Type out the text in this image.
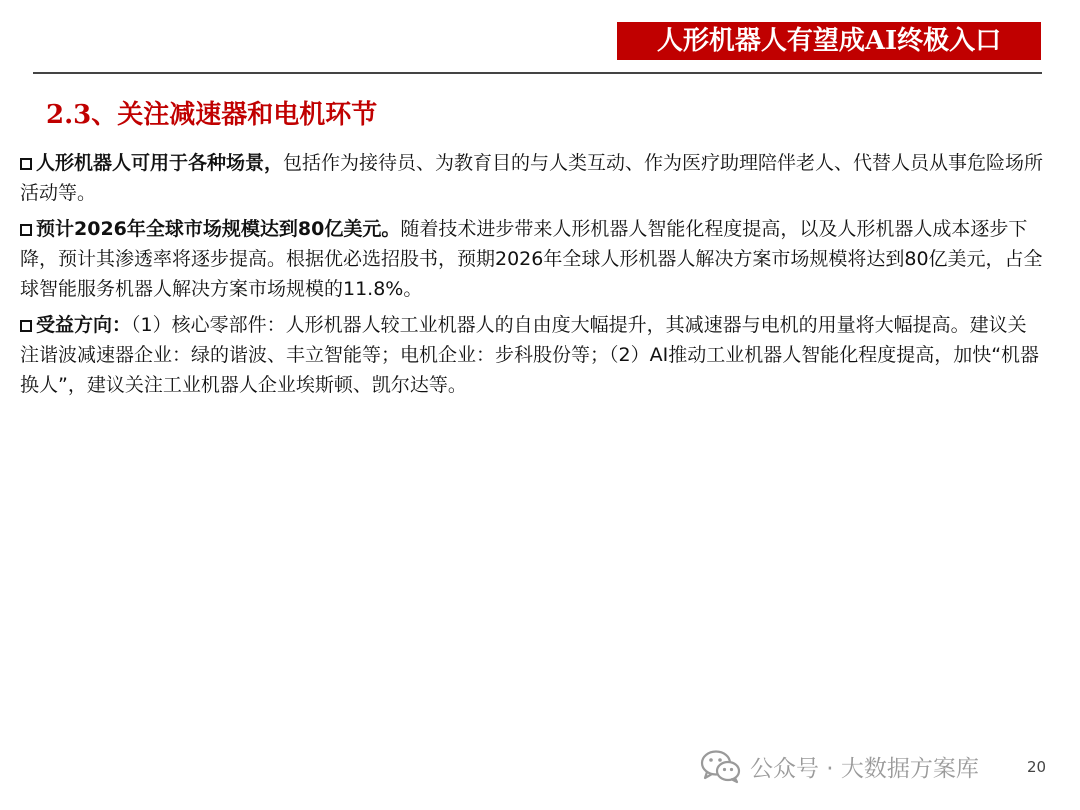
人形机器人有望成AI终极入口
2.3、关注减速器和电机环节

人形机器人可用于各种场景，包括作为接待员、为教育目的与人类互动、作为医疗助理陪伴老人、代替人员从事危险场所活动等。

预计2026年全球市场规模达到80亿美元。随着技术进步带来人形机器人智能化程度提高，以及人形机器人成本逐步下降，预计其渗透率将逐步提高。根据优必选招股书，预期2026年全球人形机器人解决方案市场规模将达到80亿美元，占全球智能服务机器人解决方案市场规模的11.8%。

受益方向：（1）核心零部件：人形机器人较工业机器人的自由度大幅提升，其减速器与电机的用量将大幅提高。建议关注谐波减速器企业：绿的谐波、丰立智能等；电机企业：步科股份等；（2）AI推动工业机器人智能化程度提高，加快“机器换人”，建议关注工业机器人企业埃斯顿、凯尔达等。

公众号 · 大数据方案库	20
